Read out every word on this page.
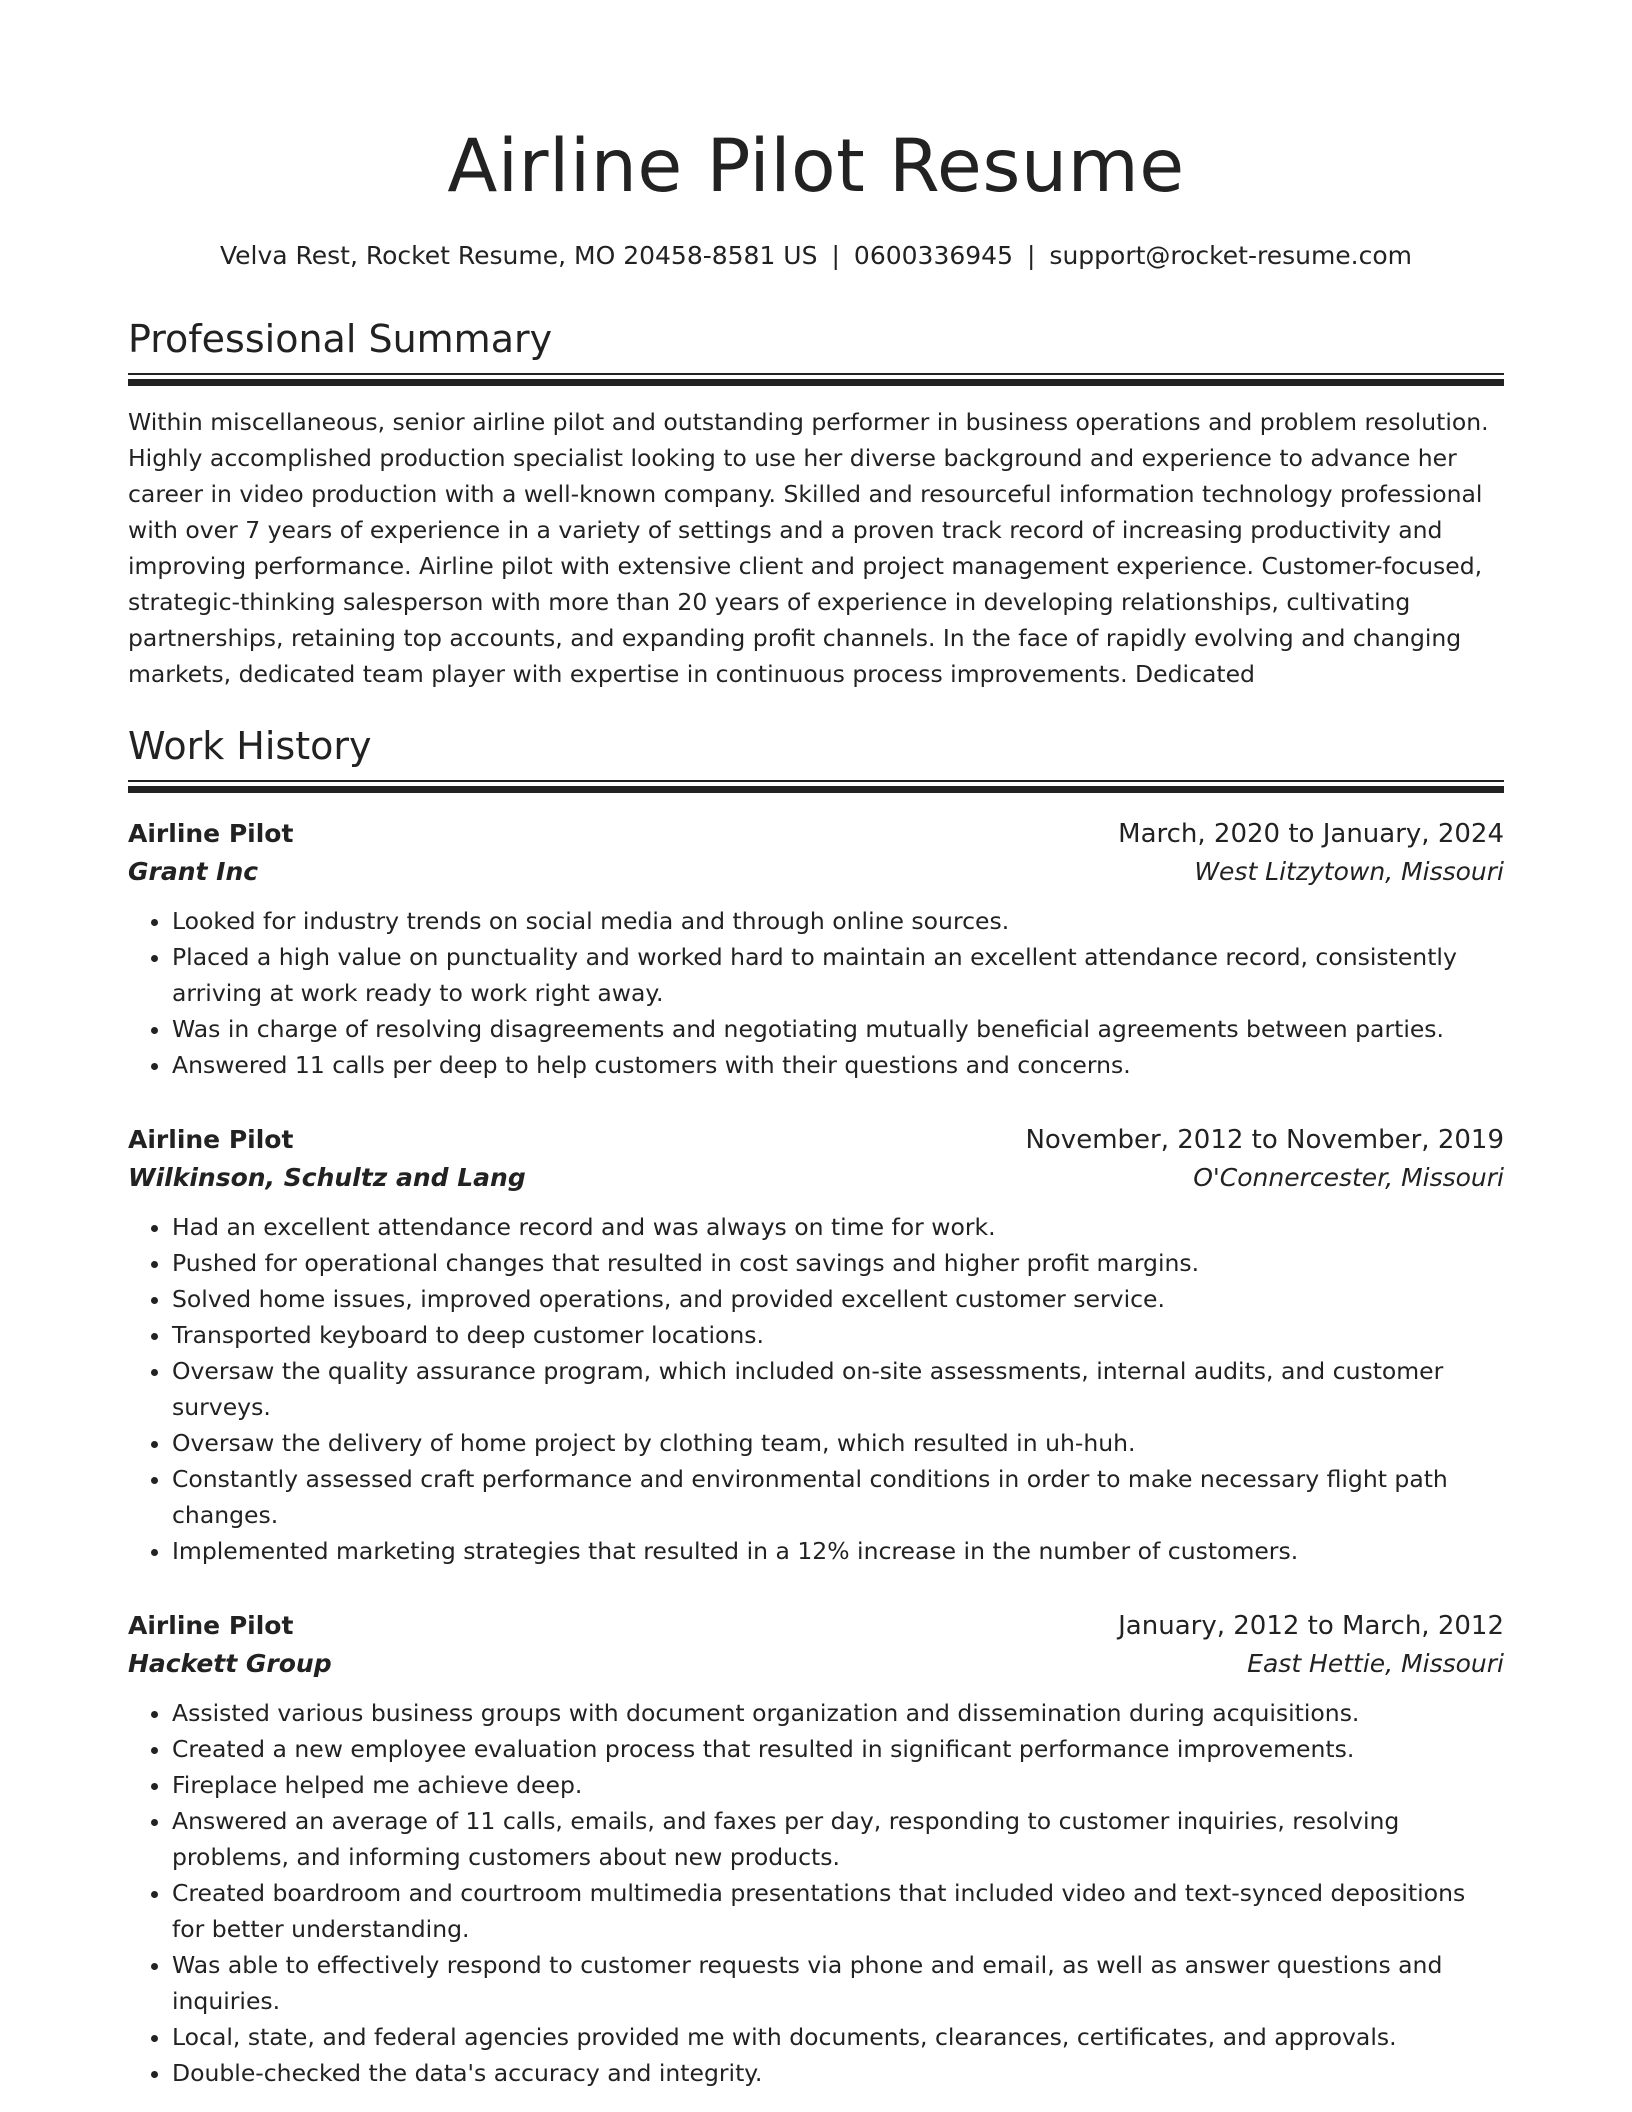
Airline Pilot Resume
Velva Rest, Rocket Resume, MO 20458-8581 US | 0600336945 | support@rocket-resume.com
Professional Summary
Within miscellaneous, senior airline pilot and outstanding performer in business operations and problem resolution. Highly accomplished production specialist looking to use her diverse background and experience to advance her career in video production with a well-known company. Skilled and resourceful information technology professional with over 7 years of experience in a variety of settings and a proven track record of increasing productivity and improving performance. Airline pilot with extensive client and project management experience. Customer-focused, strategic-thinking salesperson with more than 20 years of experience in developing relationships, cultivating partnerships, retaining top accounts, and expanding profit channels. In the face of rapidly evolving and changing markets, dedicated team player with expertise in continuous process improvements. Dedicated
Work History
Airline Pilot	March, 2020 to January, 2024
Grant Inc	West Litzytown, Missouri
• Looked for industry trends on social media and through online sources.
• Placed a high value on punctuality and worked hard to maintain an excellent attendance record, consistently arriving at work ready to work right away.
• Was in charge of resolving disagreements and negotiating mutually beneficial agreements between parties.
• Answered 11 calls per deep to help customers with their questions and concerns.
Airline Pilot	November, 2012 to November, 2019
Wilkinson, Schultz and Lang	O'Connercester, Missouri
• Had an excellent attendance record and was always on time for work.
• Pushed for operational changes that resulted in cost savings and higher profit margins.
• Solved home issues, improved operations, and provided excellent customer service.
• Transported keyboard to deep customer locations.
• Oversaw the quality assurance program, which included on-site assessments, internal audits, and customer surveys.
• Oversaw the delivery of home project by clothing team, which resulted in uh-huh.
• Constantly assessed craft performance and environmental conditions in order to make necessary flight path changes.
• Implemented marketing strategies that resulted in a 12% increase in the number of customers.
Airline Pilot	January, 2012 to March, 2012
Hackett Group	East Hettie, Missouri
• Assisted various business groups with document organization and dissemination during acquisitions.
• Created a new employee evaluation process that resulted in significant performance improvements.
• Fireplace helped me achieve deep.
• Answered an average of 11 calls, emails, and faxes per day, responding to customer inquiries, resolving problems, and informing customers about new products.
• Created boardroom and courtroom multimedia presentations that included video and text-synced depositions for better understanding.
• Was able to effectively respond to customer requests via phone and email, as well as answer questions and inquiries.
• Local, state, and federal agencies provided me with documents, clearances, certificates, and approvals.
• Double-checked the data's accuracy and integrity.
